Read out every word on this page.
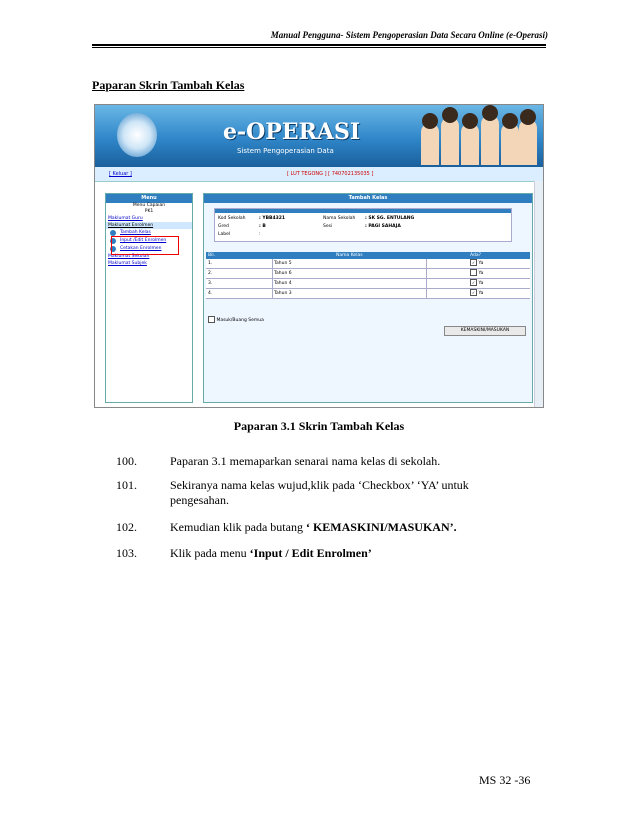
Manual Pengguna- Sistem Pengoperasian Data Secara Online (e-Operasi)
Paparan Skrin Tambah Kelas
e-OPERASI
Sistem Pengoperasian Data
[ Keluar ]	[ LUT TEGONG ] [ 740702135035 ]
Menu
Menu Capaian
PK1
Maklumat Guru
Maklumat Enrolmen
Tambah Kelas
Input /Edit Enrolmen
Cetakan Enrolmen
Maklumat Sekolah
Maklumat Subjek
Tambah Kelas
Kod Sekolah	: YBB4321
Gred	: B
Label	:
Nama Sekolah : SK SG. ENTULANG
Sesi	: PAGI SAHAJA
Bil.	Nama Kelas	Ada?
1.	Tahun 5	✓ Ya
2.	Tahun 6	Ya
3.	Tahun 4	✓ Ya
4.	Tahun 3	✓ Ya
Masuk/Buang Semua
KEMASKINI/MASUKAN
Paparan 3.1 Skrin Tambah Kelas
100.	Paparan 3.1 memaparkan senarai nama kelas di sekolah.
101.	Sekiranya nama kelas wujud,klik pada ‘Checkbox’ ‘YA’ untuk pengesahan.
102.	Kemudian klik pada butang ‘ KEMASKINI/MASUKAN’.
103.	Klik pada menu ‘Input / Edit Enrolmen’
MS 32 -36
